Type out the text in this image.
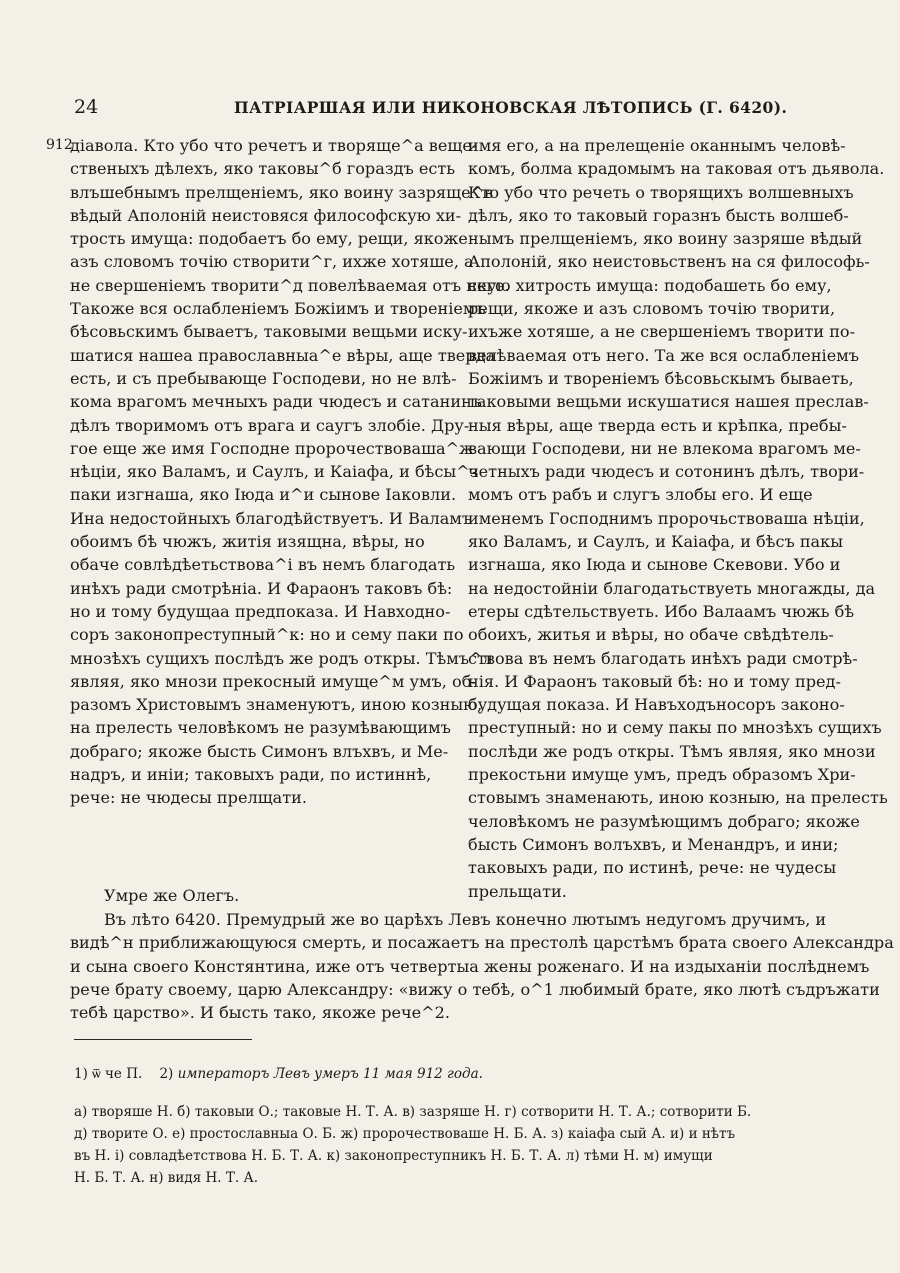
24	ПАТРІАРШАЯ ИЛИ НИКОНОВСКАЯ ЛѢТОПИСЬ (Г. 6420).
912
діавола. Кто убо что речетъ и творяще^а веще-
ственыхъ дѣлехъ, яко таковы^б гораздъ есть
влъшебнымъ прелщеніемъ, яко воину зазряще^в
вѣдый Аполоній неистовяся философскую хи-
трость имуща: подобаетъ бо ему, рещи, якоже
азъ словомъ точію створити^г, ихже хотяше, а
не свершеніемъ творити^д повелѣваемая отъ него.
Такоже вся ослабленіемъ Божіимъ и твореніемъ
бѣсовьскимъ бываетъ, таковыми вещьми иску-
шатися нашеа православныа^е вѣры, аще тверда
есть, и съ пребывающе Господеви, но не влѣ-
кома врагомъ мечныхъ ради чюдесъ и сатанинъ
дѣлъ творимомъ отъ врага и саугъ злобіе. Дру-
гое еще же имя Господне пророчествоваша^ж
нѣціи, яко Валамъ, и Саулъ, и Каіафа, и бѣсы^з
паки изгнаша, яко Іюда и^и сынове Іаковли.
Ина недостойныхъ благодѣйствуетъ. И Валамъ
обоимъ бѣ чюжъ, житія изящна, вѣры, но
обаче совлѣдѣетьствова^і въ немъ благодать
инѣхъ ради смотрѣніа. И Фараонъ таковъ бѣ:
но и тому будущаа предпоказа. И Навходно-
соръ законопреступный^к: но и сему паки по
мнозѣхъ сущихъ послѣдъ же родъ откры. Тѣмъ^л
являя, яко мнози прекосный имуще^м умъ, об-
разомъ Христовымъ знаменуютъ, иною козныю,
на прелесть человѣкомъ не разумѣвающимъ
добраго; якоже бысть Симонъ влъхвъ, и Ме-
надръ, и иніи; таковыхъ ради, по истиннѣ,
рече: не чюдесы прелщати.
имя его, а на прелещеніе оканнымъ человѣ-
комъ, болма крадомымъ на таковая отъ дьявола.
Кто убо что речеть о творящихъ волшевныхъ
дѣлъ, яко то таковый горазнъ бысть волшеб-
нымъ прелщеніемъ, яко воину зазряше вѣдый
Аполоній, яко неистовьственъ на ся философь-
скую хитрость имуща: подобашеть бо ему,
рещи, якоже и азъ словомъ точію творити,
ихъже хотяше, а не свершеніемъ творити по-
велѣваемая отъ него. Та же вся ослабленіемъ
Божіимъ и твореніемъ бѣсовьскымъ бываеть,
таковыми вещьми искушатися нашея преслав-
ныя вѣры, аще тверда есть и крѣпка, пребы-
вающи Господеви, ни не влекома врагомъ ме-
четныхъ ради чюдесъ и сотонинъ дѣлъ, твори-
момъ отъ рабъ и слугъ злобы его. И еще
именемъ Господнимъ пророчьствоваша нѣціи,
яко Валамъ, и Саулъ, и Каіафа, и бѣсъ пакы
изгнаша, яко Іюда и сынове Скевови. Убо и
на недостойніи благодатьствуеть многажды, да
етеры сдѣтельствуеть. Ибо Валаамъ чюжь бѣ
обоихъ, житья и вѣры, но обаче свѣдѣтель-
ствова въ немъ благодать инѣхъ ради смотрѣ-
нія. И Фараонъ таковый бѣ: но и тому пред-
будущая показа. И Навъходъносоръ законо-
преступный: но и сему пакы по мнозѣхъ сущихъ
послѣди же родъ откры. Тѣмъ являя, яко мнози
прекостьни имуще умъ, предъ образомъ Хри-
стовымъ знаменають, иною козныю, на прелесть
человѣкомъ не разумѣющимъ добраго; якоже
бысть Симонъ волъхвъ, и Менандръ, и ини;
таковыхъ ради, по истинѣ, рече: не чудесы
прельщати.
Умре же Олегъ.
Въ лѣто 6420. Премудрый же во царѣхъ Левъ конечно лютымъ недугомъ дручимъ, и
видѣ^н приближающуюся смерть, и посажаетъ на престолѣ царстѣмъ брата своего Александра
и сына своего Констянтина, иже отъ четвертыа жены роженаго. И на издыханіи послѣднемъ
рече брату своему, царю Александру: «вижу о тебѣ, о^1 любимый брате, яко лютѣ съдръжати
тебѣ царство». И бысть тако, якоже рече^2.
1) ѿ че П. 2) императоръ Левъ умеръ 11 мая 912 года.
а) творяше Н. б) таковыи О.; таковые Н. Т. А. в) зазряше Н. г) сотворити Н. Т. А.; сотворити Б.
д) творите О. е) простославныа О. Б. ж) пророчествоваше Н. Б. А. з) каіафа сый А. и) и нѣтъ
въ Н. і) совладѣетствова Н. Б. Т. А. к) законопреступникъ Н. Б. Т. А. л) тѣми Н. м) имущи
Н. Б. Т. А. н) видя Н. Т. А.
